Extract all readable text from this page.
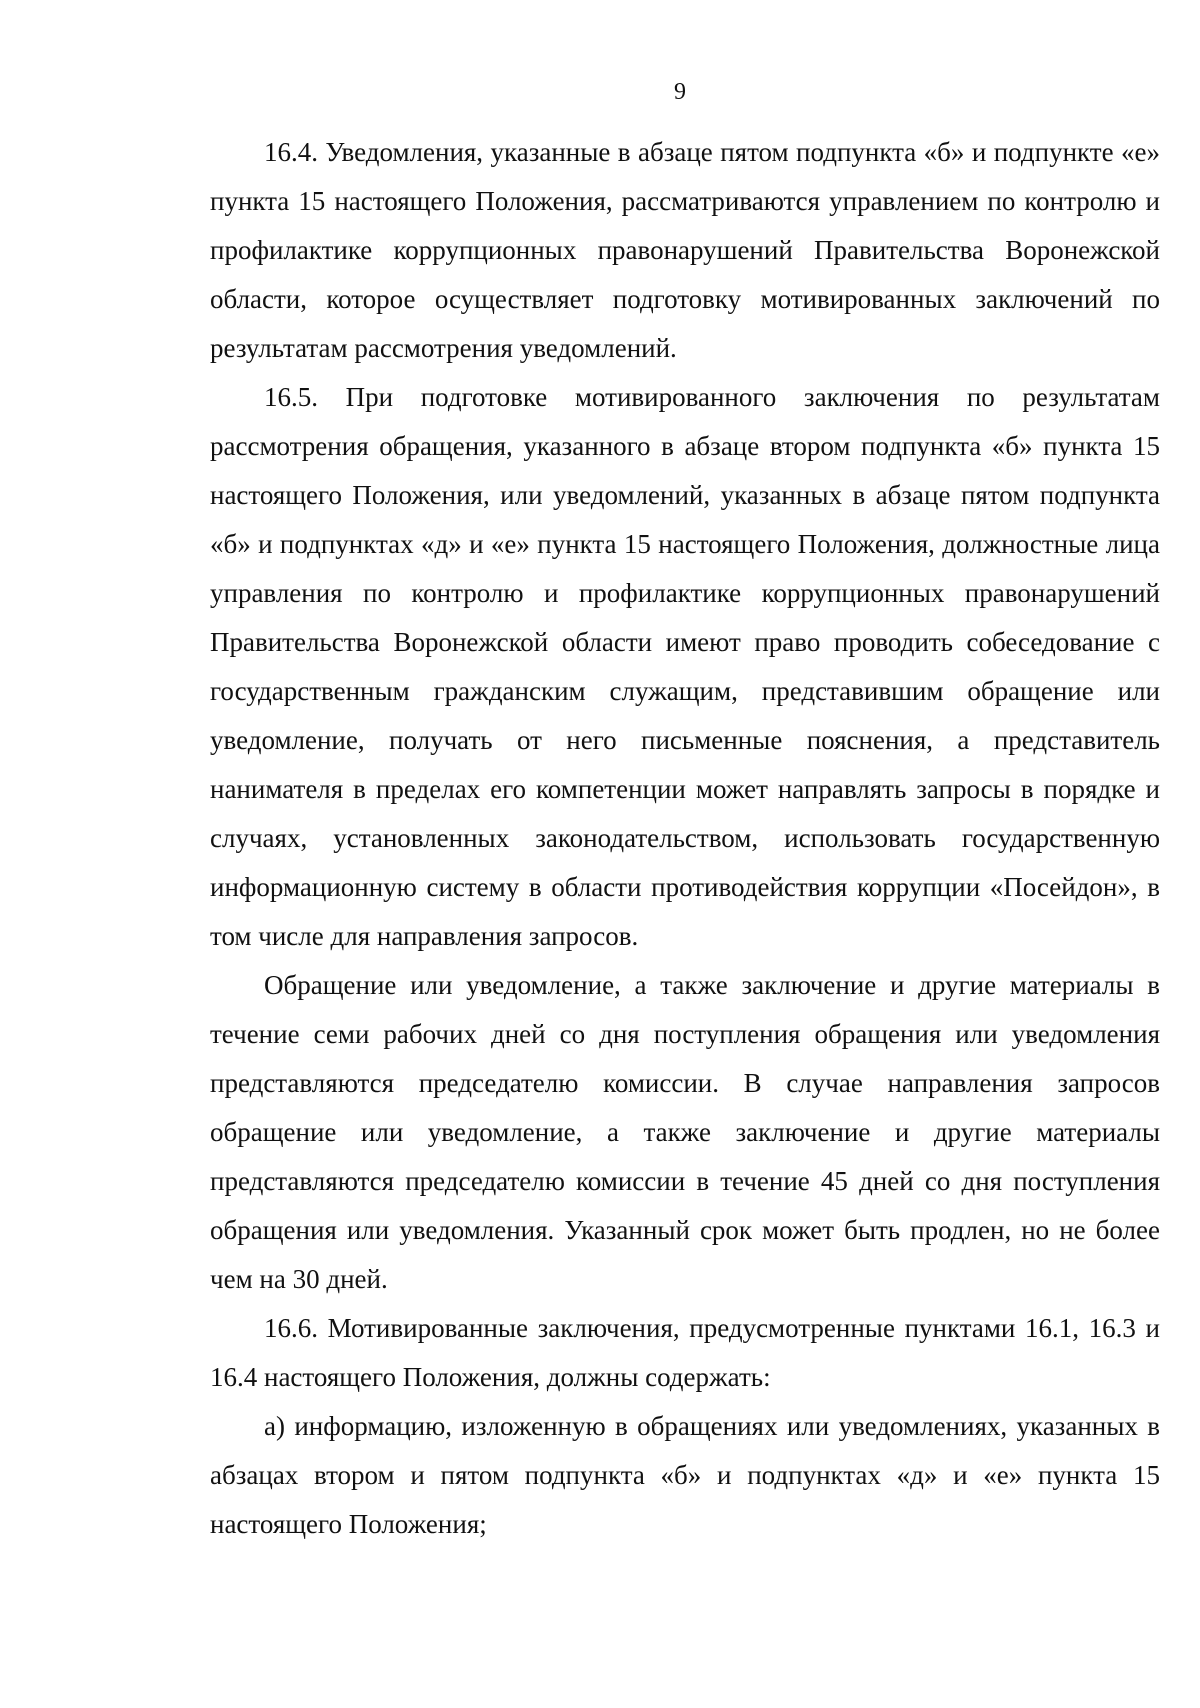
9

16.4. Уведомления, указанные в абзаце пятом подпункта «б» и подпункте «е» пункта 15 настоящего Положения, рассматриваются управлением по контролю и профилактике коррупционных правонарушений Правительства Воронежской области, которое осуществляет подготовку мотивированных заключений по результатам рассмотрения уведомлений.

16.5. При подготовке мотивированного заключения по результатам рассмотрения обращения, указанного в абзаце втором подпункта «б» пункта 15 настоящего Положения, или уведомлений, указанных в абзаце пятом подпункта «б» и подпунктах «д» и «е» пункта 15 настоящего Положения, должностные лица управления по контролю и профилактике коррупционных правонарушений Правительства Воронежской области имеют право проводить собеседование с государственным гражданским служащим, представившим обращение или уведомление, получать от него письменные пояснения, а представитель нанимателя в пределах его компетенции может направлять запросы в порядке и случаях, установленных законодательством, использовать государственную информационную систему в области противодействия коррупции «Посейдон», в том числе для направления запросов.

Обращение или уведомление, а также заключение и другие материалы в течение семи рабочих дней со дня поступления обращения или уведомления представляются председателю комиссии. В случае направления запросов обращение или уведомление, а также заключение и другие материалы представляются председателю комиссии в течение 45 дней со дня поступления обращения или уведомления. Указанный срок может быть продлен, но не более чем на 30 дней.

16.6. Мотивированные заключения, предусмотренные пунктами 16.1, 16.3 и 16.4 настоящего Положения, должны содержать:

а) информацию, изложенную в обращениях или уведомлениях, указанных в абзацах втором и пятом подпункта «б» и подпунктах «д» и «е» пункта 15 настоящего Положения;
